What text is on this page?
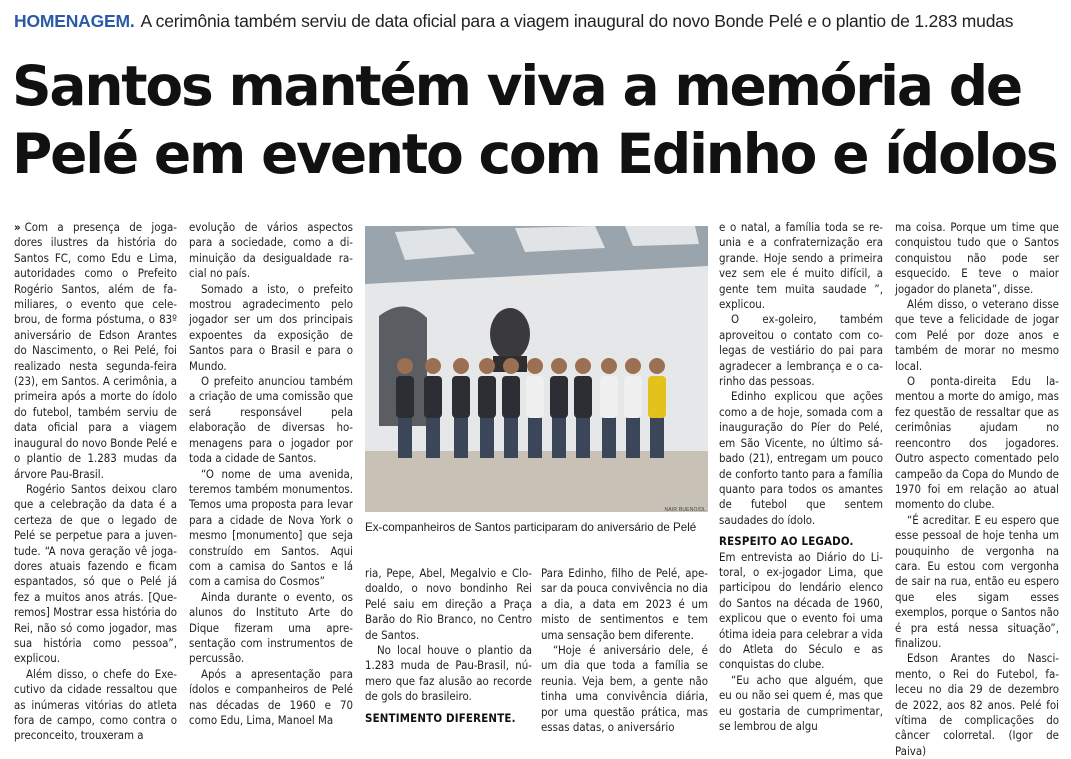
HOMENAGEM. A cerimônia também serviu de data oficial para a viagem inaugural do novo Bonde Pelé e o plantio de 1.283 mudas
Santos mantém viva a memória de
Pelé em evento com Edinho e ídolos

» Com a presença de jogadores ilustres da história do Santos FC, como Edu e Lima, autoridades como o Prefeito Rogério Santos, além de familiares, o evento que celebrou, de forma póstuma, o 83º aniversário de Edson Arantes do Nascimento, o Rei Pelé, foi realizado nesta segunda-feira (23), em Santos. A cerimônia, a primeira após a morte do ídolo do futebol, também serviu de data oficial para a viagem inaugural do novo Bonde Pelé e o plantio de 1.283 mudas da árvore Pau-Brasil.

Rogério Santos deixou claro que a celebração da data é a certeza de que o legado de Pelé se perpetue para a juventude. “A nova geração vê jogadores atuais fazendo e ficam espantados, só que o Pelé já fez a muitos anos atrás. [Queremos] Mostrar essa história do Rei, não só como jogador, mas sua história como pessoa”, explicou.

Além disso, o chefe do Executivo da cidade ressaltou que as inúmeras vitórias do atleta fora de campo, como contra o preconceito, trouxeram a

evolução de vários aspectos para a sociedade, como a diminuição da desigualdade racial no país.

Somado a isto, o prefeito mostrou agradecimento pelo jogador ser um dos principais expoentes da exposição de Santos para o Brasil e para o Mundo.

O prefeito anunciou também a criação de uma comissão que será responsável pela elaboração de diversas homenagens para o jogador por toda a cidade de Santos.

“O nome de uma avenida, teremos também monumentos. Temos uma proposta para levar para a cidade de Nova York o mesmo [monumento] que seja construído em Santos. Aqui com a camisa do Santos e lá com a camisa do Cosmos”

Ainda durante o evento, os alunos do Instituto Arte do Dique fizeram uma apresentação com instrumentos de percussão.

Após a apresentação para ídolos e companheiros de Pelé nas décadas de 1960 e 70 como Edu, Lima, Manoel Ma

NAIR BUENO/DL
Ex-companheiros de Santos participaram do aniversário de Pelé

ria, Pepe, Abel, Megalvio e Clodoaldo, o novo bondinho Rei Pelé saiu em direção a Praça Barão do Rio Branco, no Centro de Santos.

No local houve o plantio da 1.283 muda de Pau-Brasil, número que faz alusão ao recorde de gols do brasileiro.

SENTIMENTO DIFERENTE.

Para Edinho, filho de Pelé, apesar da pouca convivência no dia a dia, a data em 2023 é um misto de sentimentos e tem uma sensação bem diferente.

“Hoje é aniversário dele, é um dia que toda a família se reunia. Veja bem, a gente não tinha uma convivência diária, por uma questão prática, mas essas datas, o aniversário

e o natal, a família toda se reunia e a confraternização era grande. Hoje sendo a primeira vez sem ele é muito difícil, a gente tem muita saudade ”, explicou.

O ex-goleiro, também aproveitou o contato com colegas de vestiário do pai para agradecer a lembrança e o carinho das pessoas.

Edinho explicou que ações como a de hoje, somada com a inauguração do Píer do Pelé, em São Vicente, no último sábado (21), entregam um pouco de conforto tanto para a família quanto para todos os amantes de futebol que sentem saudades do ídolo.

RESPEITO AO LEGADO.

Em entrevista ao Diário do Litoral, o ex-jogador Lima, que participou do lendário elenco do Santos na década de 1960, explicou que o evento foi uma ótima ideia para celebrar a vida do Atleta do Século e as conquistas do clube.

“Eu acho que alguém, que eu ou não sei quem é, mas que eu gostaria de cumprimentar, se lembrou de algu

ma coisa. Porque um time que conquistou tudo que o Santos conquistou não pode ser esquecido. E teve o maior jogador do planeta”, disse.

Além disso, o veterano disse que teve a felicidade de jogar com Pelé por doze anos e também de morar no mesmo local.

O ponta-direita Edu lamentou a morte do amigo, mas fez questão de ressaltar que as cerimônias ajudam no reencontro dos jogadores. Outro aspecto comentado pelo campeão da Copa do Mundo de 1970 foi em relação ao atual momento do clube.

“É acreditar. E eu espero que esse pessoal de hoje tenha um pouquinho de vergonha na cara. Eu estou com vergonha de sair na rua, então eu espero que eles sigam esses exemplos, porque o Santos não é pra está nessa situação”, finalizou.

Edson Arantes do Nascimento, o Rei do Futebol, faleceu no dia 29 de dezembro de 2022, aos 82 anos. Pelé foi vítima de complicações do câncer colorretal. (Igor de Paiva)
